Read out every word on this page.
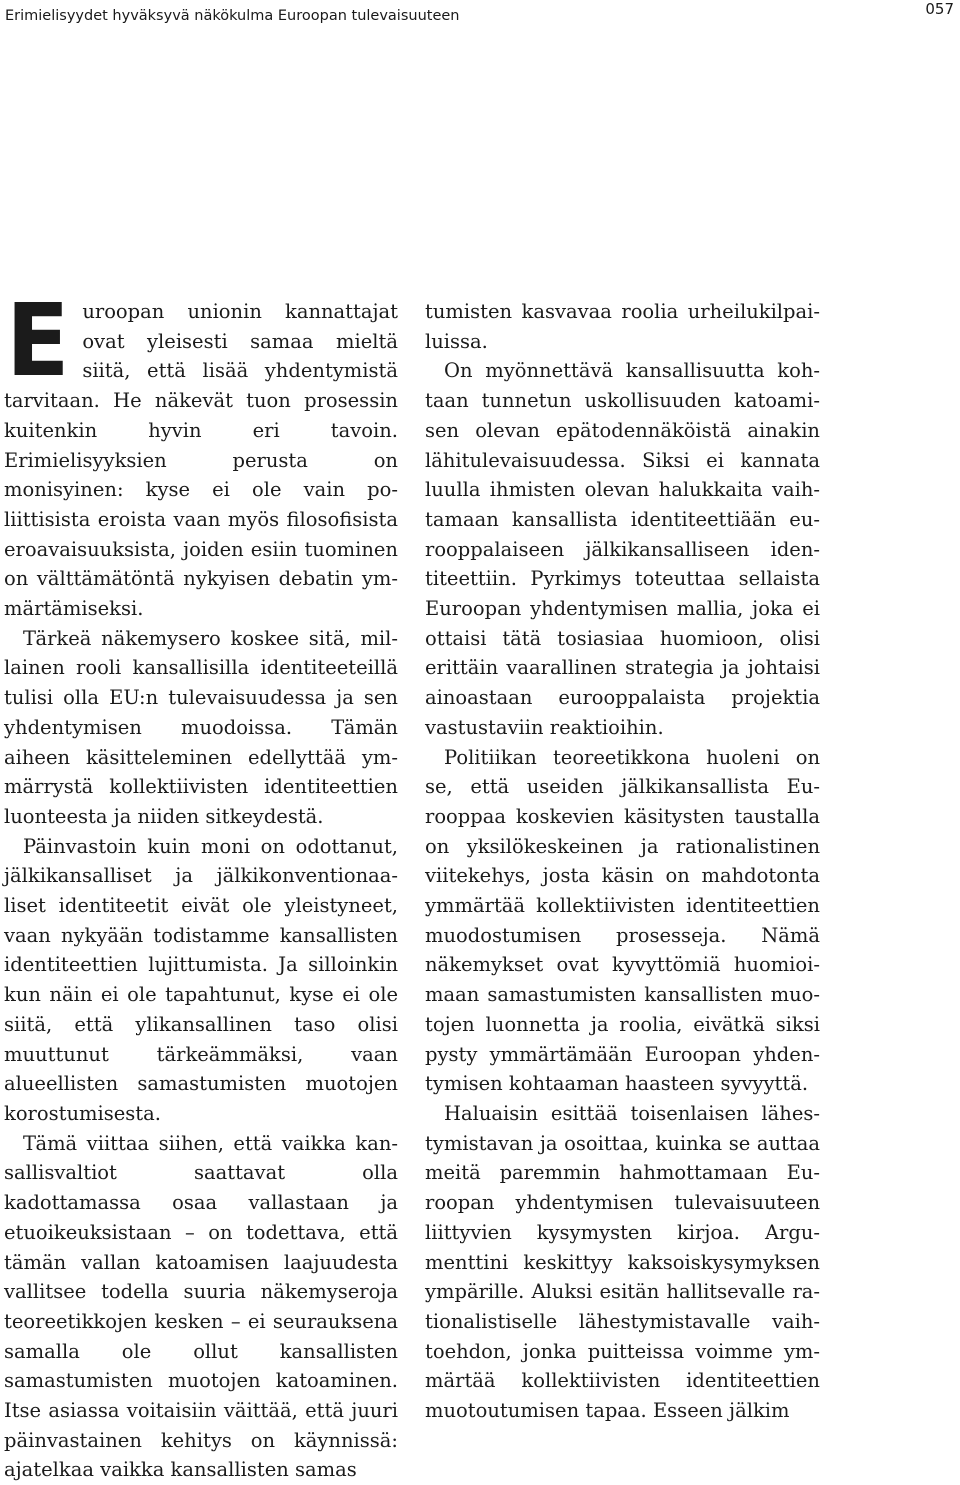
Erimielisyydet hyväksyvä näkökulma Euroopan tulevaisuuteen	057

Euroopan unionin kannattajat ovat yleisesti samaa mieltä siitä, että lisää yhdentymistä tarvitaan. He näkevät tuon prosessin kuitenkin hyvin eri tavoin. Erimielisyyksien perusta on monisyinen: kyse ei ole vain poliittisista eroista vaan myös filosofisista eroavaisuuksista, joiden esiin tuominen on välttämätöntä nykyisen debatin ymmärtämiseksi.

Tärkeä näkemysero koskee sitä, millainen rooli kansallisilla identiteeteillä tulisi olla EU:n tulevaisuudessa ja sen yhdentymisen muodoissa. Tämän aiheen käsitteleminen edellyttää ymmärrystä kollektiivisten identiteettien luonteesta ja niiden sitkeydestä.

Päinvastoin kuin moni on odottanut, jälkikansalliset ja jälkikonventionaaliset identiteetit eivät ole yleistyneet, vaan nykyään todistamme kansallisten identiteettien lujittumista. Ja silloinkin kun näin ei ole tapahtunut, kyse ei ole siitä, että ylikansallinen taso olisi muuttunut tärkeämmäksi, vaan alueellisten samastumisten muotojen korostumisesta.

Tämä viittaa siihen, että vaikka kansallisvaltiot saattavat olla kadottamassa osaa vallastaan ja etuoikeuksistaan – on todettava, että tämän vallan katoamisen laajuudesta vallitsee todella suuria näkemyseroja teoreetikkojen kesken – ei seurauksena samalla ole ollut kansallisten samastumisten muotojen katoaminen. Itse asiassa voitaisiin väittää, että juuri päinvastainen kehitys on käynnissä: ajatelkaa vaikka kansallisten samas

tumisten kasvavaa roolia urheilukilpailuissa.

On myönnettävä kansallisuutta kohtaan tunnetun uskollisuuden katoamisen olevan epätodennäköistä ainakin lähitulevaisuudessa. Siksi ei kannata luulla ihmisten olevan halukkaita vaihtamaan kansallista identiteettiään eurooppalaiseen jälkikansalliseen identiteettiin. Pyrkimys toteuttaa sellaista Euroopan yhdentymisen mallia, joka ei ottaisi tätä tosiasiaa huomioon, olisi erittäin vaarallinen strategia ja johtaisi ainoastaan eurooppalaista projektia vastustaviin reaktioihin.

Politiikan teoreetikkona huoleni on se, että useiden jälkikansallista Eurooppaa koskevien käsitysten taustalla on yksilökeskeinen ja rationalistinen viitekehys, josta käsin on mahdotonta ymmärtää kollektiivisten identiteettien muodostumisen prosesseja. Nämä näkemykset ovat kyvyttömiä huomioimaan samastumisten kansallisten muotojen luonnetta ja roolia, eivätkä siksi pysty ymmärtämään Euroopan yhdentymisen kohtaaman haasteen syvyyttä.

Haluaisin esittää toisenlaisen lähestymistavan ja osoittaa, kuinka se auttaa meitä paremmin hahmottamaan Euroopan yhdentymisen tulevaisuuteen liittyvien kysymysten kirjoa. Argumenttini keskittyy kaksoiskysymyksen ympärille. Aluksi esitän hallitsevalle rationalistiselle lähestymistavalle vaihtoehdon, jonka puitteissa voimme ymmärtää kollektiivisten identiteettien muotoutumisen tapaa. Esseen jälkim
